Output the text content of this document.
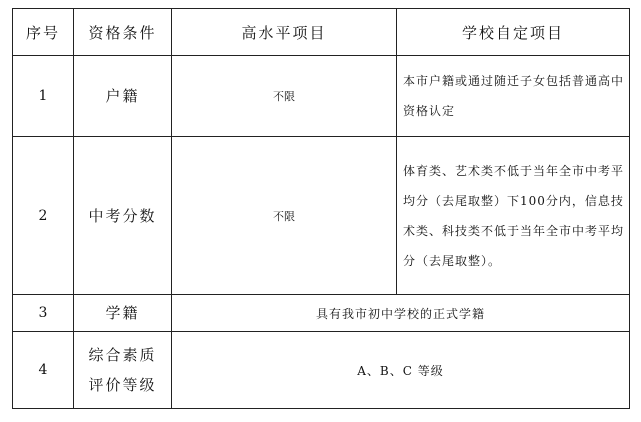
序号	资格条件	高水平项目	学校自定项目
1	户籍	不限	本市户籍或通过随迁子女包括普通高中资格认定
2	中考分数	不限	体育类、艺术类不低于当年全市中考平均分（去尾取整）下100分内，信息技术类、科技类不低于当年全市中考平均分（去尾取整）。
3	学籍	具有我市初中学校的正式学籍	
4	综合素质评价等级	A、B、C 等级	
